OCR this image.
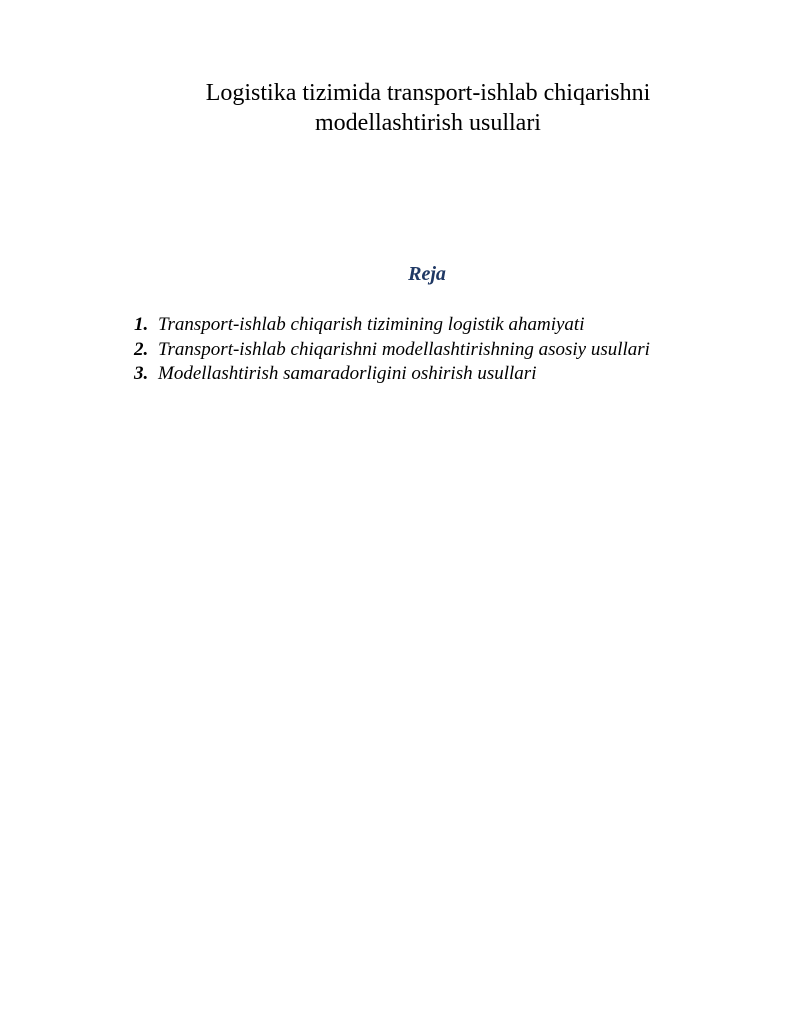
Logistika tizimida transport-ishlab chiqarishni
modellashtirish usullari
Reja
1. Transport-ishlab chiqarish tizimining logistik ahamiyati
2. Transport-ishlab chiqarishni modellashtirishning asosiy usullari
3. Modellashtirish samaradorligini oshirish usullari
